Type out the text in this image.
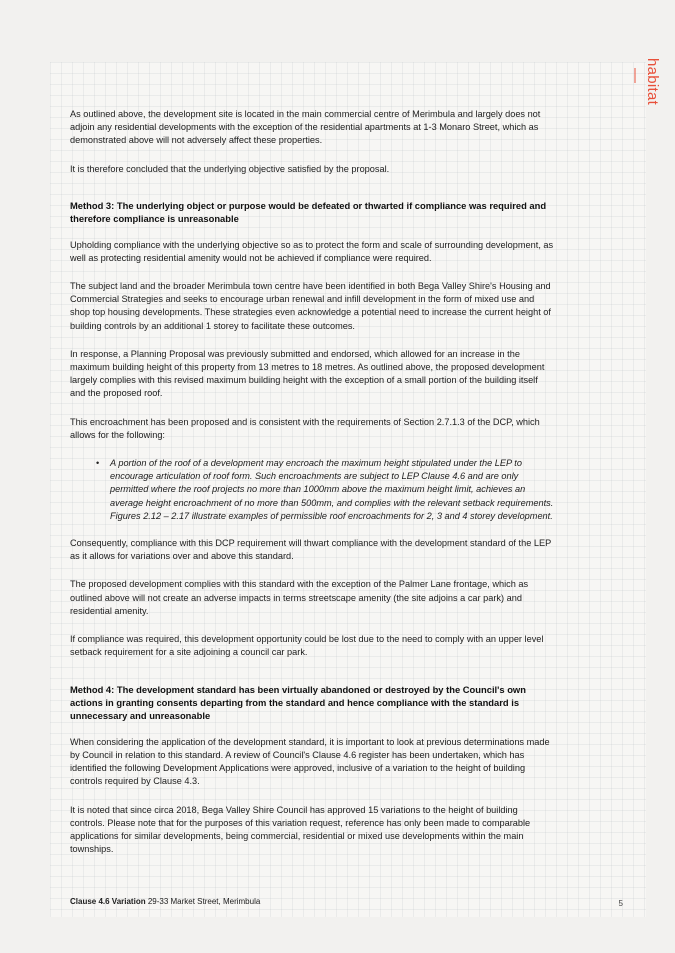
habitat
—

As outlined above, the development site is located in the main commercial centre of Merimbula and largely does not adjoin any residential developments with the exception of the residential apartments at 1-3 Monaro Street, which as demonstrated above will not adversely affect these properties.

It is therefore concluded that the underlying objective satisfied by the proposal.

Method 3: The underlying object or purpose would be defeated or thwarted if compliance was required and therefore compliance is unreasonable

Upholding compliance with the underlying objective so as to protect the form and scale of surrounding development, as well as protecting residential amenity would not be achieved if compliance were required.

The subject land and the broader Merimbula town centre have been identified in both Bega Valley Shire's Housing and Commercial Strategies and seeks to encourage urban renewal and infill development in the form of mixed use and shop top housing developments. These strategies even acknowledge a potential need to increase the current height of building controls by an additional 1 storey to facilitate these outcomes.

In response, a Planning Proposal was previously submitted and endorsed, which allowed for an increase in the maximum building height of this property from 13 metres to 18 metres. As outlined above, the proposed development largely complies with this revised maximum building height with the exception of a small portion of the building itself and the proposed roof.

This encroachment has been proposed and is consistent with the requirements of Section 2.7.1.3 of the DCP, which allows for the following:

• A portion of the roof of a development may encroach the maximum height stipulated under the LEP to encourage articulation of roof form. Such encroachments are subject to LEP Clause 4.6 and are only permitted where the roof projects no more than 1000mm above the maximum height limit, achieves an average height encroachment of no more than 500mm, and complies with the relevant setback requirements. Figures 2.12 – 2.17 illustrate examples of permissible roof encroachments for 2, 3 and 4 storey development.

Consequently, compliance with this DCP requirement will thwart compliance with the development standard of the LEP as it allows for variations over and above this standard.

The proposed development complies with this standard with the exception of the Palmer Lane frontage, which as outlined above will not create an adverse impacts in terms streetscape amenity (the site adjoins a car park) and residential amenity.

If compliance was required, this development opportunity could be lost due to the need to comply with an upper level setback requirement for a site adjoining a council car park.

Method 4: The development standard has been virtually abandoned or destroyed by the Council's own actions in granting consents departing from the standard and hence compliance with the standard is unnecessary and unreasonable

When considering the application of the development standard, it is important to look at previous determinations made by Council in relation to this standard. A review of Council's Clause 4.6 register has been undertaken, which has identified the following Development Applications were approved, inclusive of a variation to the height of building controls required by Clause 4.3.

It is noted that since circa 2018, Bega Valley Shire Council has approved 15 variations to the height of building controls. Please note that for the purposes of this variation request, reference has only been made to comparable applications for similar developments, being commercial, residential or mixed use developments within the main townships.

Clause 4.6 Variation 29-33 Market Street, Merimbula	5
